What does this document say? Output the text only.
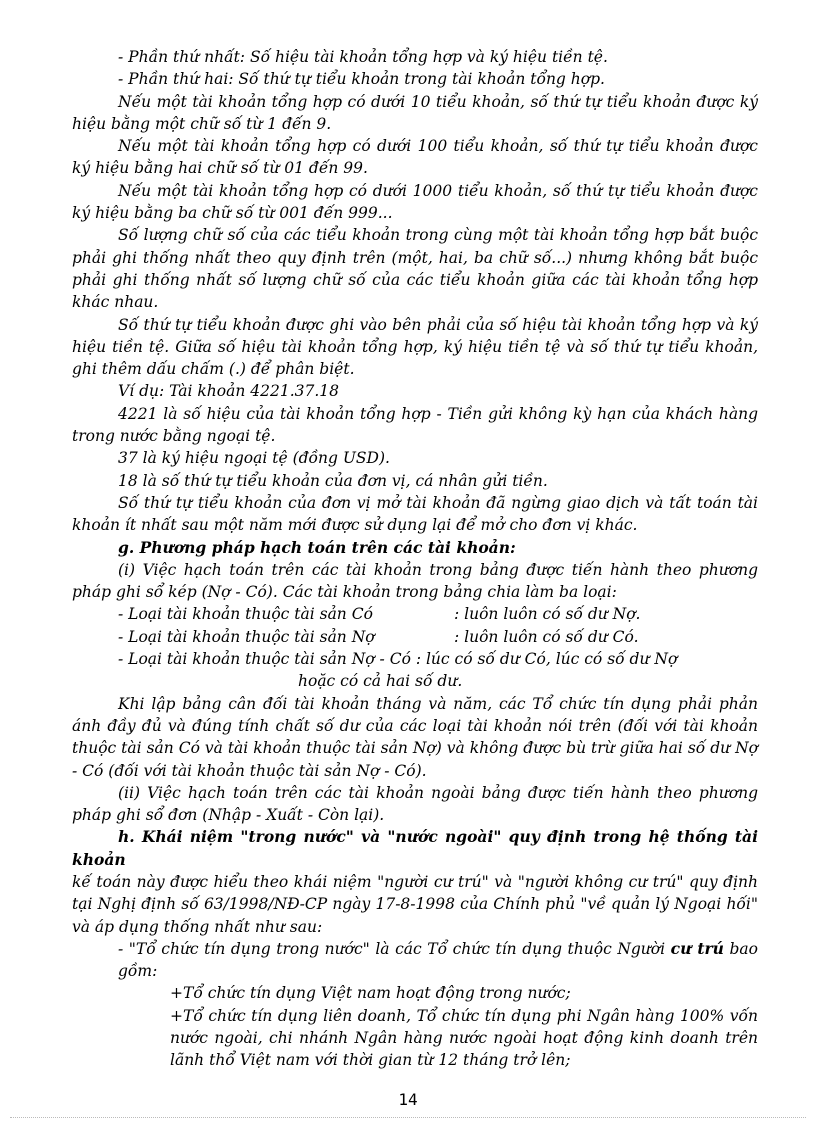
- Phần thứ nhất: Số hiệu tài khoản tổng hợp và ký hiệu tiền tệ.

- Phần thứ hai: Số thứ tự tiểu khoản trong tài khoản tổng hợp.

Nếu một tài khoản tổng hợp có dưới 10 tiểu khoản, số thứ tự tiểu khoản được ký hiệu bằng một chữ số từ 1 đến 9.

Nếu một tài khoản tổng hợp có dưới 100 tiểu khoản, số thứ tự tiểu khoản được ký hiệu bằng hai chữ số từ 01 đến 99.

Nếu một tài khoản tổng hợp có dưới 1000 tiểu khoản, số thứ tự tiểu khoản được ký hiệu bằng ba chữ số từ 001 đến 999...

Số lượng chữ số của các tiểu khoản trong cùng một tài khoản tổng hợp bắt buộc phải ghi thống nhất theo quy định trên (một, hai, ba chữ số...) nhưng không bắt buộc phải ghi thống nhất số lượng chữ số của các tiểu khoản giữa các tài khoản tổng hợp khác nhau.

Số thứ tự tiểu khoản được ghi vào bên phải của số hiệu tài khoản tổng hợp và ký hiệu tiền tệ. Giữa số hiệu tài khoản tổng hợp, ký hiệu tiền tệ và số thứ tự tiểu khoản, ghi thêm dấu chấm (.) để phân biệt.

Ví dụ: Tài khoản 4221.37.18

4221 là số hiệu của tài khoản tổng hợp - Tiền gửi không kỳ hạn của khách hàng trong nước bằng ngoại tệ.

37 là ký hiệu ngoại tệ (đồng USD).

18 là số thứ tự tiểu khoản của đơn vị, cá nhân gửi tiền.

Số thứ tự tiểu khoản của đơn vị mở tài khoản đã ngừng giao dịch và tất toán tài khoản ít nhất sau một năm mới được sử dụng lại để mở cho đơn vị khác.

g. Phương pháp hạch toán trên các tài khoản:

(i) Việc hạch toán trên các tài khoản trong bảng được tiến hành theo phương pháp ghi sổ kép (Nợ - Có). Các tài khoản trong bảng chia làm ba loại:

- Loại tài khoản thuộc tài sản Có	: luôn luôn có số dư Nợ.
- Loại tài khoản thuộc tài sản Nợ	: luôn luôn có số dư Có.

- Loại tài khoản thuộc tài sản Nợ - Có : lúc có số dư Có, lúc có số dư Nợ

hoặc có cả hai số dư.

Khi lập bảng cân đối tài khoản tháng và năm, các Tổ chức tín dụng phải phản ánh đầy đủ và đúng tính chất số dư của các loại tài khoản nói trên (đối với tài khoản thuộc tài sản Có và tài khoản thuộc tài sản Nợ) và không được bù trừ giữa hai số dư Nợ - Có (đối với tài khoản thuộc tài sản Nợ - Có).

(ii) Việc hạch toán trên các tài khoản ngoài bảng được tiến hành theo phương pháp ghi sổ đơn (Nhập - Xuất - Còn lại).

h. Khái niệm "trong nước" và "nước ngoài" quy định trong hệ thống tài khoản

kế toán này được hiểu theo khái niệm "người cư trú" và "người không cư trú" quy định tại Nghị định số 63/1998/NĐ-CP ngày 17-8-1998 của Chính phủ "về quản lý Ngoại hối" và áp dụng thống nhất như sau:

- "Tổ chức tín dụng trong nước" là các Tổ chức tín dụng thuộc Người cư trú bao gồm:

+Tổ chức tín dụng Việt nam hoạt động trong nước;

+Tổ chức tín dụng liên doanh, Tổ chức tín dụng phi Ngân hàng 100% vốn nước ngoài, chi nhánh Ngân hàng nước ngoài hoạt động kinh doanh trên lãnh thổ Việt nam với thời gian từ 12 tháng trở lên;

14
